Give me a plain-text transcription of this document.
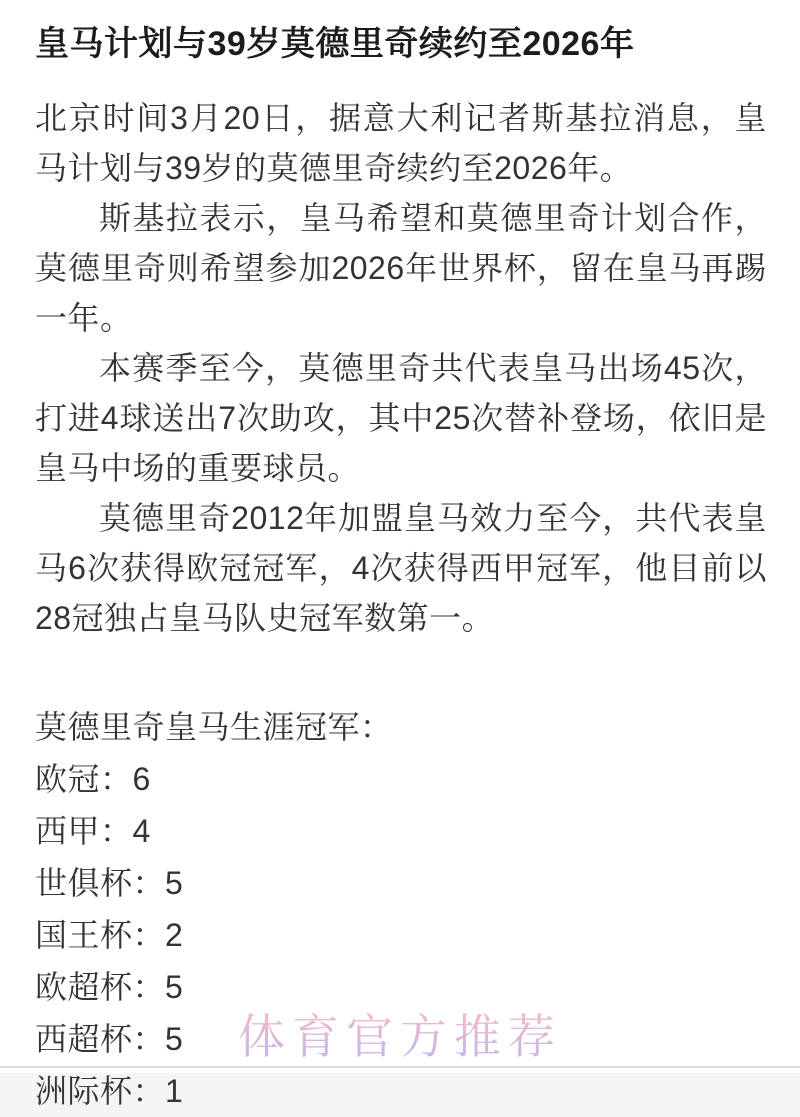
皇马计划与39岁莫德里奇续约至2026年

北京时间3月20日，据意大利记者斯基拉消息，皇马计划与39岁的莫德里奇续约至2026年。

斯基拉表示，皇马希望和莫德里奇计划合作，莫德里奇则希望参加2026年世界杯，留在皇马再踢一年。

本赛季至今，莫德里奇共代表皇马出场45次，打进4球送出7次助攻，其中25次替补登场，依旧是皇马中场的重要球员。

莫德里奇2012年加盟皇马效力至今，共代表皇马6次获得欧冠冠军，4次获得西甲冠军，他目前以28冠独占皇马队史冠军数第一。

莫德里奇皇马生涯冠军：

欧冠：6

西甲：4

世俱杯：5

国王杯：2

欧超杯：5

西超杯：5

洲际杯：1

体育官方推荐
